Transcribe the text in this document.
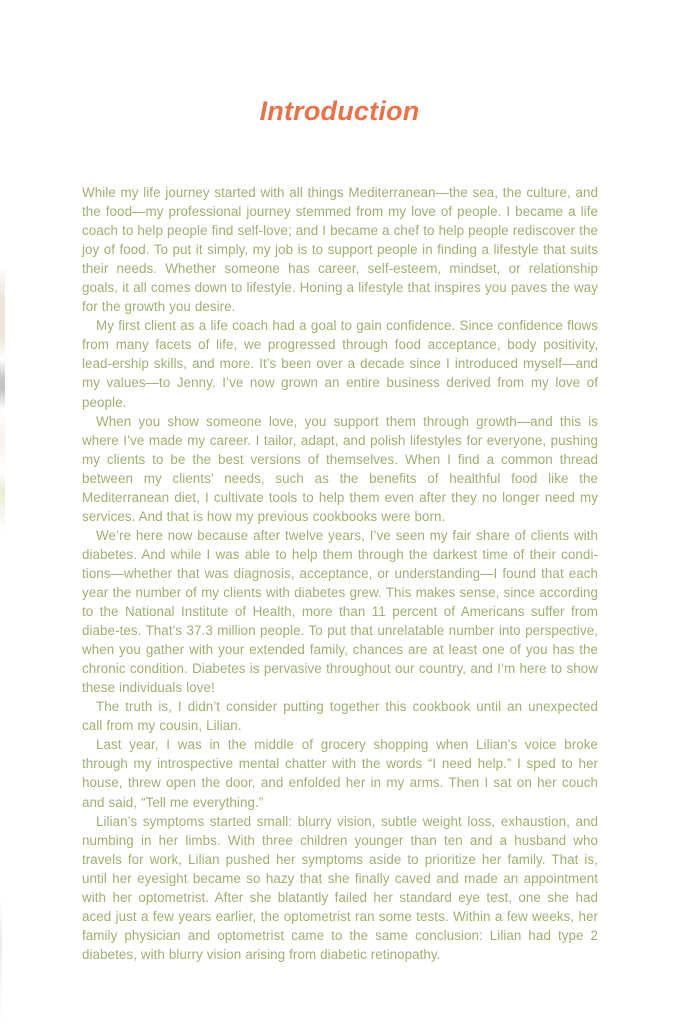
Introduction

While my life journey started with all things Mediterranean—the sea, the culture, and the food—my professional journey stemmed from my love of people. I became a life coach to help people find self-love; and I became a chef to help people rediscover the joy of food. To put it simply, my job is to support people in finding a lifestyle that suits their needs. Whether someone has career, self-esteem, mindset, or relationship goals, it all comes down to lifestyle. Honing a lifestyle that inspires you paves the way for the growth you desire.

My first client as a life coach had a goal to gain confidence. Since confidence flows from many facets of life, we progressed through food acceptance, body positivity, lead-ership skills, and more. It’s been over a decade since I introduced myself—and my values—to Jenny. I’ve now grown an entire business derived from my love of people.

When you show someone love, you support them through growth—and this is where I’ve made my career. I tailor, adapt, and polish lifestyles for everyone, pushing my clients to be the best versions of themselves. When I find a common thread between my clients’ needs, such as the benefits of healthful food like the Mediterranean diet, I cultivate tools to help them even after they no longer need my services. And that is how my previous cookbooks were born.

We’re here now because after twelve years, I’ve seen my fair share of clients with diabetes. And while I was able to help them through the darkest time of their condi-tions—whether that was diagnosis, acceptance, or understanding—I found that each year the number of my clients with diabetes grew. This makes sense, since according to the National Institute of Health, more than 11 percent of Americans suffer from diabe-tes. That’s 37.3 million people. To put that unrelatable number into perspective, when you gather with your extended family, chances are at least one of you has the chronic condition. Diabetes is pervasive throughout our country, and I’m here to show these individuals love!

The truth is, I didn’t consider putting together this cookbook until an unexpected call from my cousin, Lilian.

Last year, I was in the middle of grocery shopping when Lilian’s voice broke through my introspective mental chatter with the words “I need help.” I sped to her house, threw open the door, and enfolded her in my arms. Then I sat on her couch and said, “Tell me everything.”

Lilian’s symptoms started small: blurry vision, subtle weight loss, exhaustion, and numbing in her limbs. With three children younger than ten and a husband who travels for work, Lilian pushed her symptoms aside to prioritize her family. That is, until her eyesight became so hazy that she finally caved and made an appointment with her optometrist. After she blatantly failed her standard eye test, one she had aced just a few years earlier, the optometrist ran some tests. Within a few weeks, her family physician and optometrist came to the same conclusion: Lilian had type 2 diabetes, with blurry vision arising from diabetic retinopathy.
